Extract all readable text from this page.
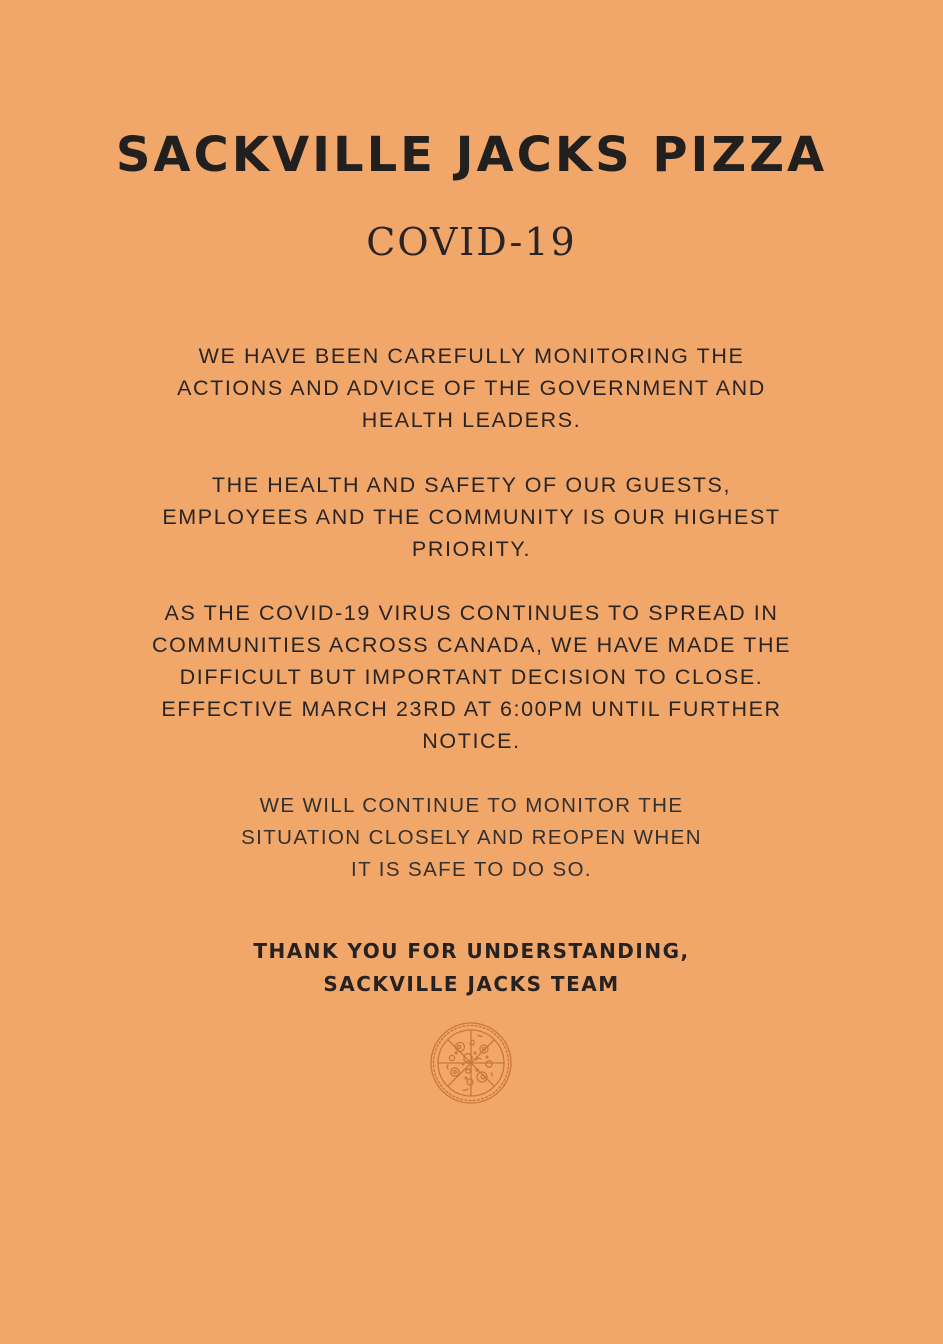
SACKVILLE JACKS PIZZA
COVID-19

WE HAVE BEEN CAREFULLY MONITORING THE
ACTIONS AND ADVICE OF THE GOVERNMENT AND
HEALTH LEADERS.

THE HEALTH AND SAFETY OF OUR GUESTS,
EMPLOYEES AND THE COMMUNITY IS OUR HIGHEST
PRIORITY.

AS THE COVID-19 VIRUS CONTINUES TO SPREAD IN
COMMUNITIES ACROSS CANADA, WE HAVE MADE THE
DIFFICULT BUT IMPORTANT DECISION TO CLOSE.
EFFECTIVE MARCH 23RD AT 6:00PM UNTIL FURTHER
NOTICE.

WE WILL CONTINUE TO MONITOR THE
SITUATION CLOSELY AND REOPEN WHEN
IT IS SAFE TO DO SO.

THANK YOU FOR UNDERSTANDING,
SACKVILLE JACKS TEAM
